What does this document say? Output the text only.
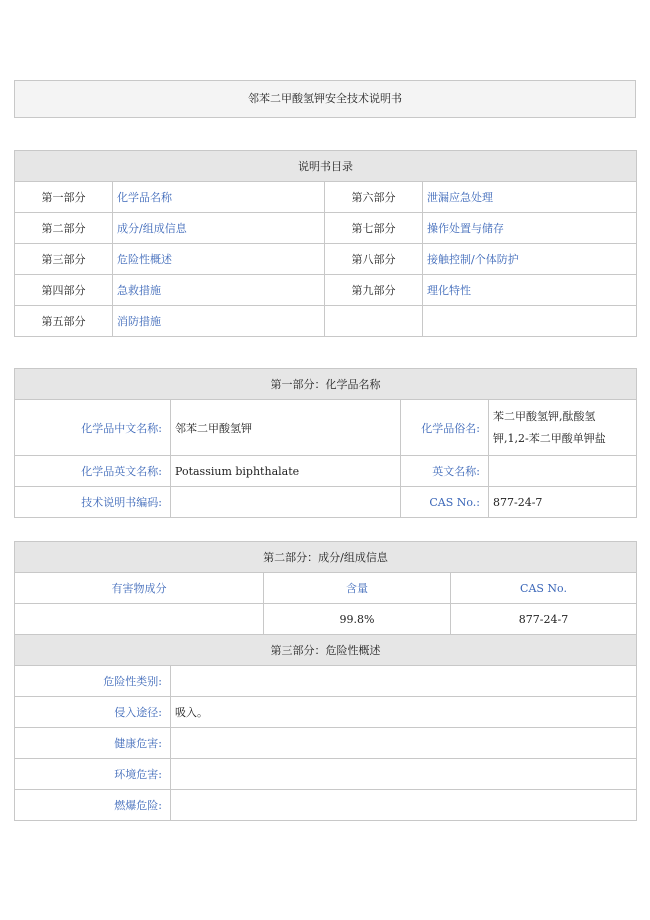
邻苯二甲酸氢钾安全技术说明书
说明书目录			
第一部分	化学品名称	第六部分	泄漏应急处理
第二部分	成分/组成信息	第七部分	操作处置与储存
第三部分	危险性概述	第八部分	接触控制/个体防护
第四部分	急救措施	第九部分	理化特性
第五部分	消防措施		
第一部分：化学品名称			
化学品中文名称:	邻苯二甲酸氢钾	化学品俗名:	苯二甲酸氢钾,酞酸氢
钾,1,2-苯二甲酸单钾盐

化学品英文名称:	Potassium biphthalate	英文名称:	
技术说明书编码:		CAS No.:	877-24-7
第二部分：成分/组成信息			
有害物成分		含量	CAS No.
		99.8%	877-24-7
第三部分：危险性概述			
危险性类别:			
侵入途径:	吸入。		
健康危害:			
环境危害:			
燃爆危险:			
